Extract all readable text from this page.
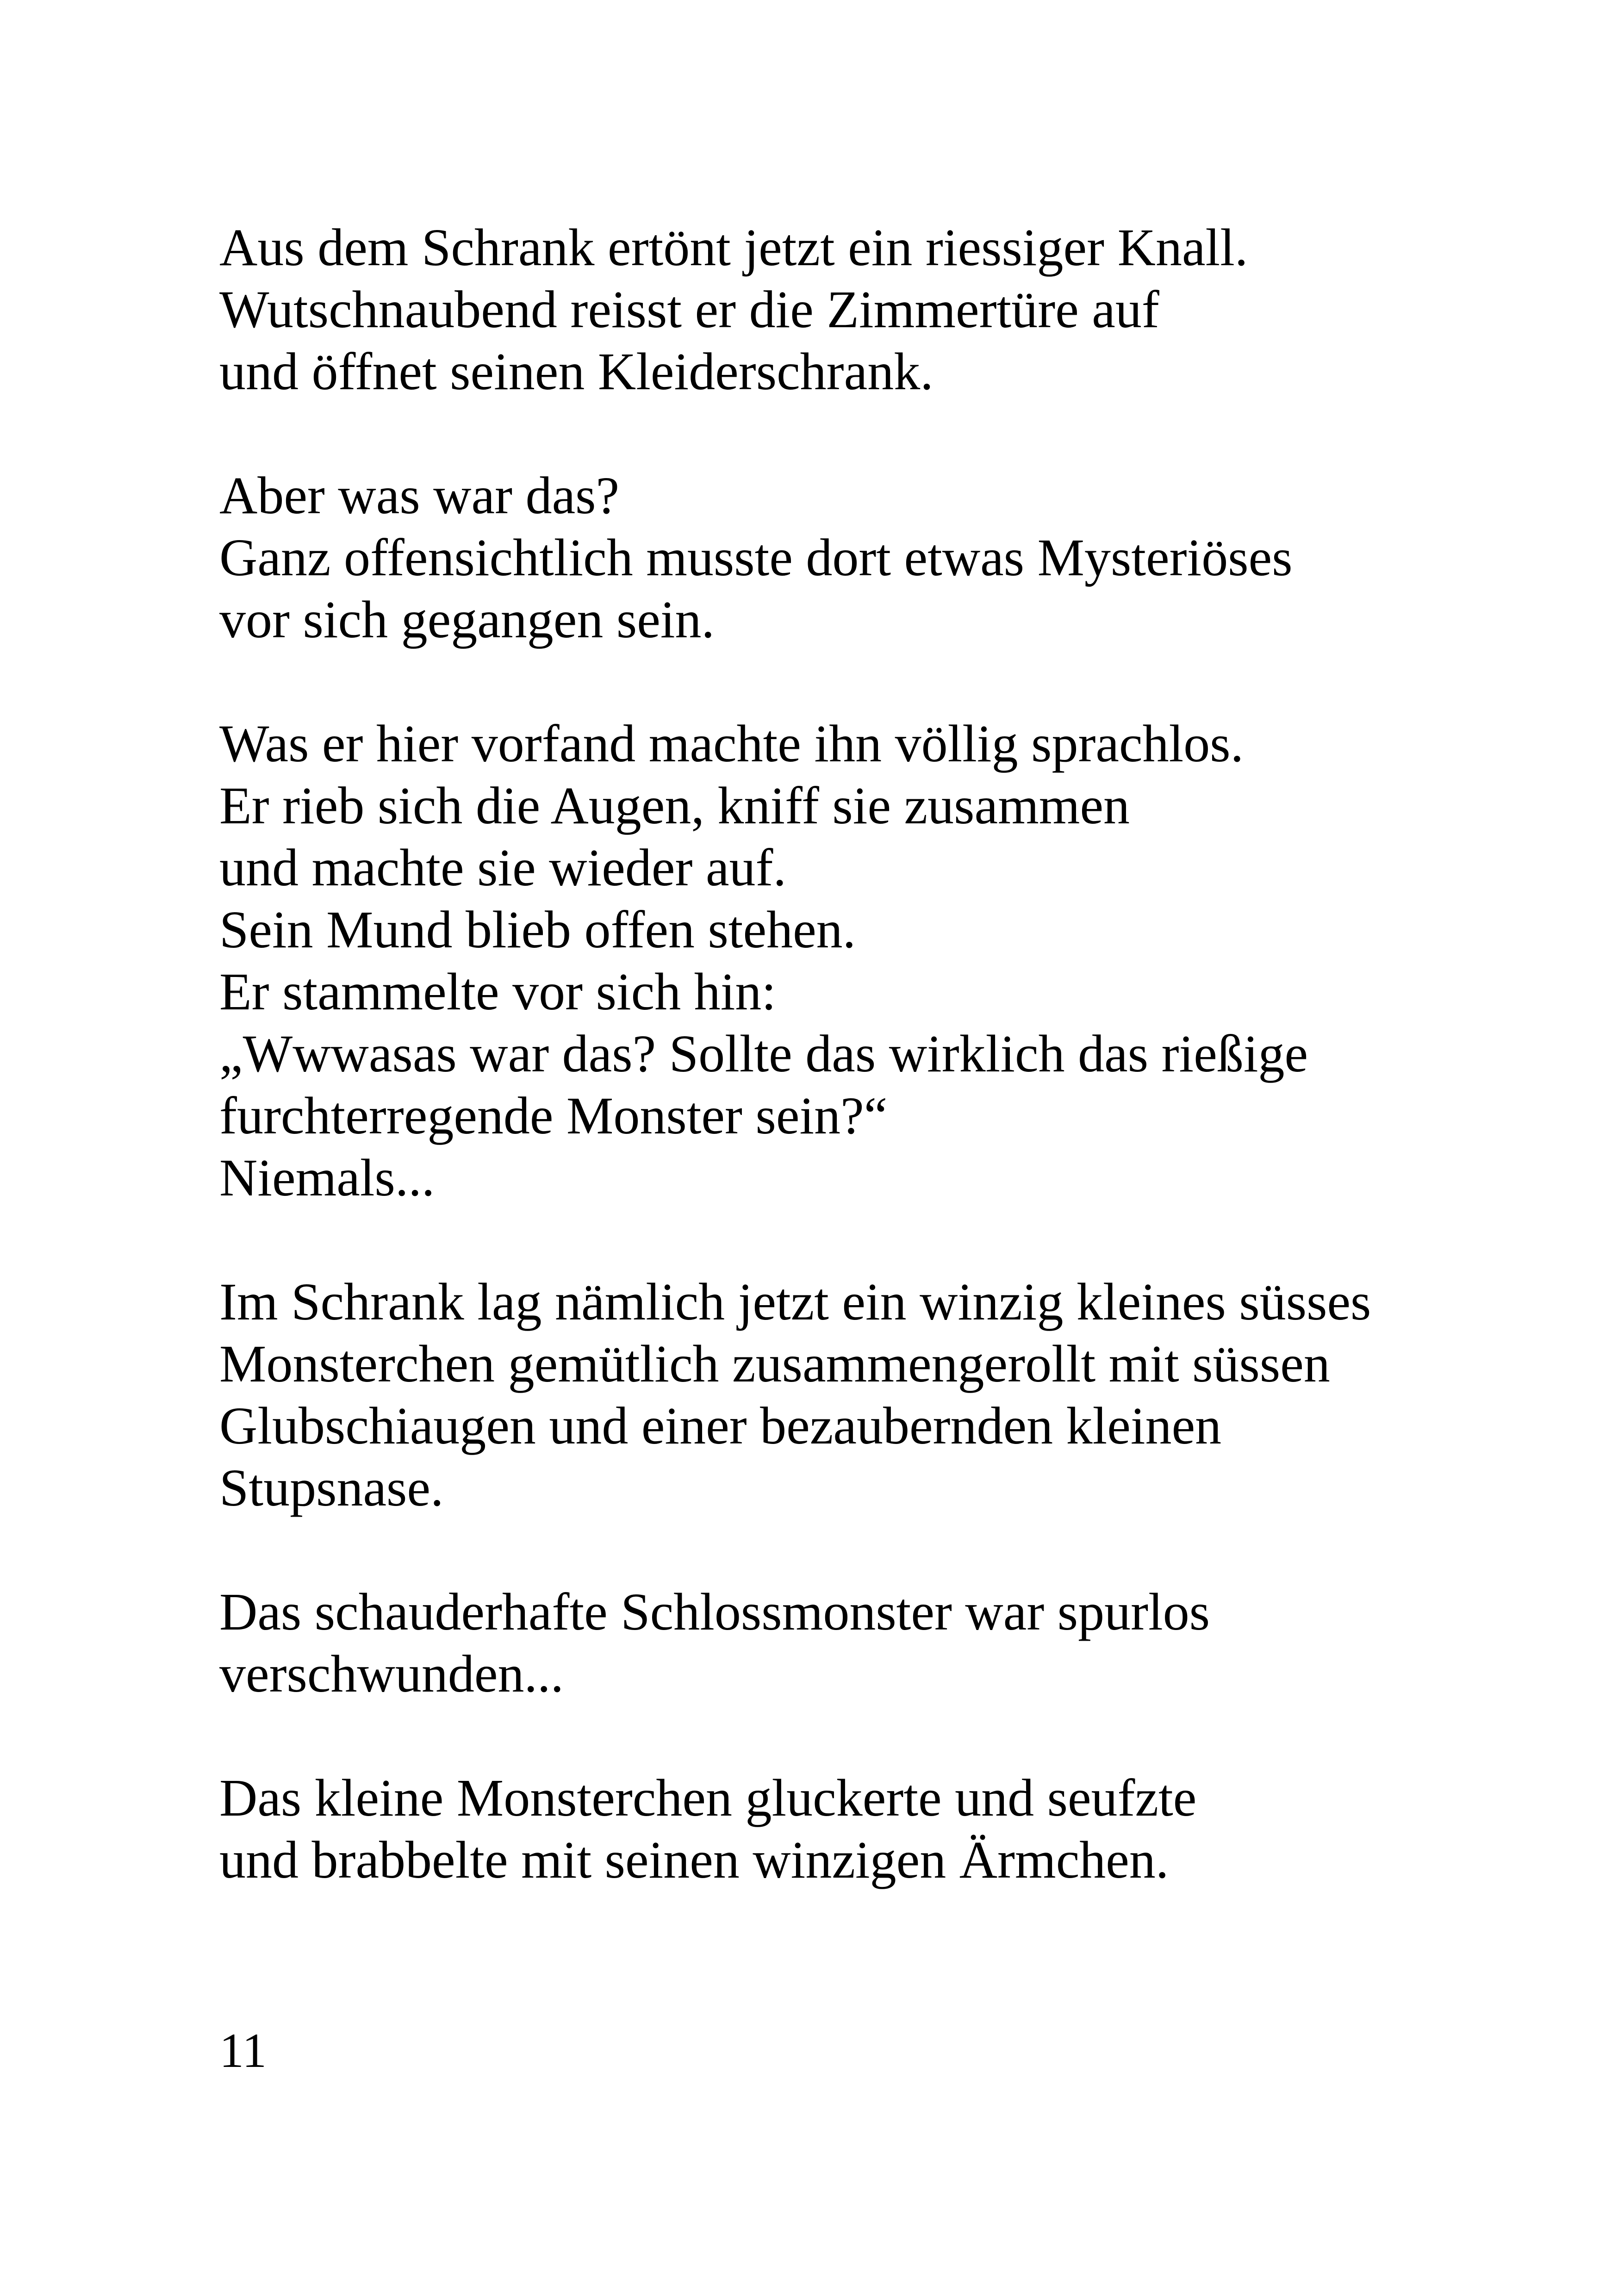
Aus dem Schrank ertönt jetzt ein riessiger Knall.
Wutschnaubend reisst er die Zimmertüre auf
und öffnet seinen Kleiderschrank.

Aber was war das?
Ganz offensichtlich musste dort etwas Mysteriöses
vor sich gegangen sein.

Was er hier vorfand machte ihn völlig sprachlos.
Er rieb sich die Augen, kniff sie zusammen
und machte sie wieder auf.
Sein Mund blieb offen stehen.
Er stammelte vor sich hin:
„Wwwasas war das? Sollte das wirklich das rießige
furchterregende Monster sein?“
Niemals...

Im Schrank lag nämlich jetzt ein winzig kleines süsses
Monsterchen gemütlich zusammengerollt mit süssen
Glubschiaugen und einer bezaubernden kleinen
Stupsnase.

Das schauderhafte Schlossmonster war spurlos
verschwunden...

Das kleine Monsterchen gluckerte und seufzte
und brabbelte mit seinen winzigen Ärmchen.

11
